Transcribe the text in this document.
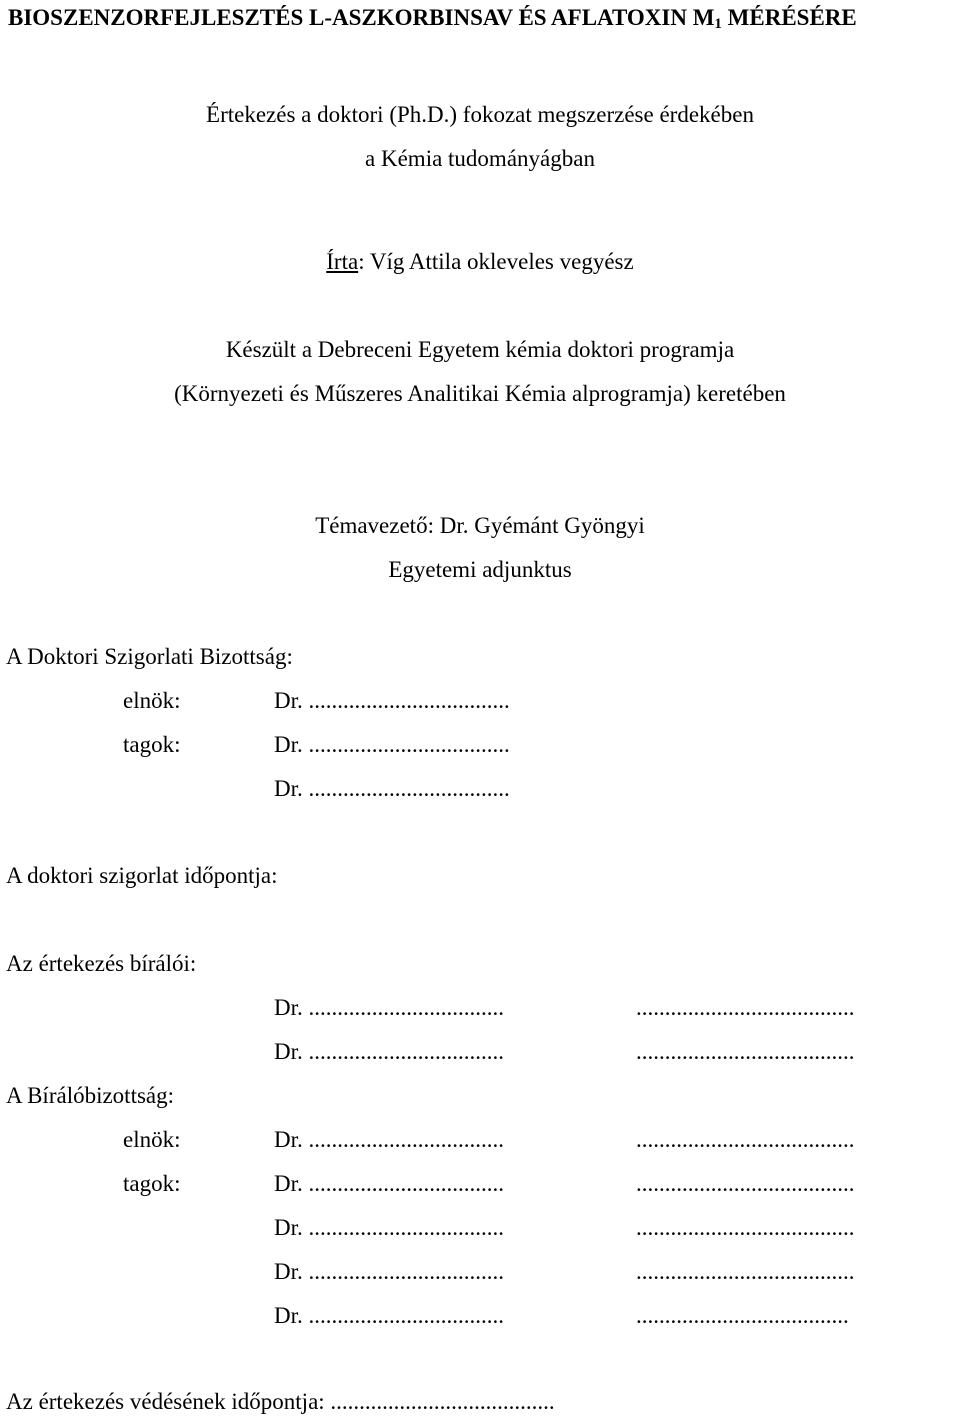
BIOSZENZORFEJLESZTÉS L-ASZKORBINSAV ÉS AFLATOXIN $M_1$ MÉRÉSÉRE
Értekezés a doktori (Ph.D.) fokozat megszerzése érdekében
a Kémia tudományágban
Írta: Víg Attila okleveles vegyész
Készült a Debreceni Egyetem kémia doktori programja
(Környezeti és Műszeres Analitikai Kémia alprogramja) keretében
Témavezető: Dr. Gyémánt Gyöngyi
Egyetemi adjunktus
A Doktori Szigorlati Bizottság:
elnök:	Dr. ...................................
tagok:	Dr. ...................................
Dr. ...................................
A doktori szigorlat időpontja:
Az értekezés bírálói:
Dr. ..................................	......................................
Dr. ..................................	......................................
A Bírálóbizottság:
elnök:	Dr. ..................................	......................................
tagok:	Dr. ..................................	......................................
Dr. ..................................	......................................
Dr. ..................................	......................................
Dr. ..................................	.....................................
Az értekezés védésének időpontja: .......................................
